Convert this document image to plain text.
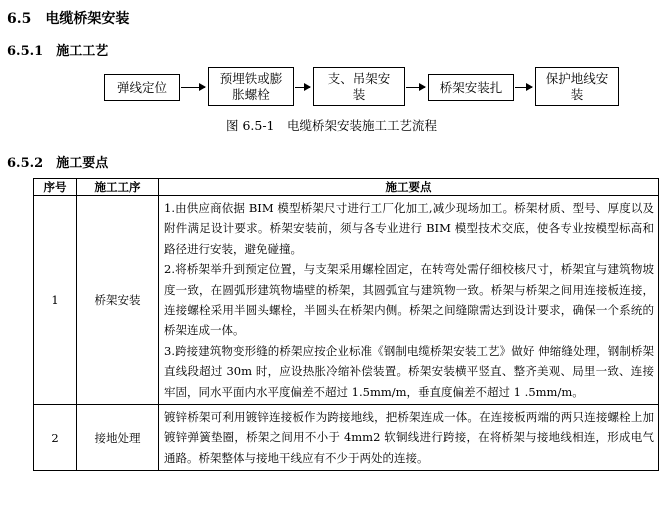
6.5　电缆桥架安装
6.5.1　施工工艺
弹线定位
预埋铁或膨胀螺栓
支、吊架安装	桥架安装扎
保护地线安装
图 6.5-1　电缆桥架安装施工工艺流程
6.5.2　施工要点
序号	施工工序	施工要点
1	桥架安装	1.由供应商依据 BIM 模型桥架尺寸进行工厂化加工,减少现场加工。桥架材质、型号、厚度以及附件满足设计要求。桥架安装前，须与各专业进行 BIM 模型技术交底，使各专业按模型标高和路径进行安装，避免碰撞。
2.将桥架举升到预定位置，与支架采用螺栓固定，在转弯处需仔细校核尺寸，桥架宜与建筑物坡度一致，在圆弧形建筑物墙壁的桥架，其圆弧宜与建筑物一致。桥架与桥架之间用连接板连接，连接螺栓采用半圆头螺栓，半圆头在桥架内侧。桥架之间缝隙需达到设计要求，确保一个系统的桥架连成一体。
3.跨接建筑物变形缝的桥架应按企业标准《钢制电缆桥架安装工艺》做好 伸缩缝处理，钢制桥架直线段超过 30m 时，应设热胀冷缩补偿装置。桥架安装横平竖直、整齐美观、局里一致、连接牢固，同水平面内水平度偏差不超过 1.5mm/m，垂直度偏差不超过 1 .5mm/m。

2	接地处理	镀锌桥架可利用镀锌连接板作为跨接地线，把桥架连成一体。在连接板两端的两只连接螺栓上加镀锌弹簧垫圈，桥架之间用不小于 4mm2 软铜线进行跨接，在将桥架与接地线相连，形成电气通路。桥架整体与接地干线应有不少于两处的连接。
